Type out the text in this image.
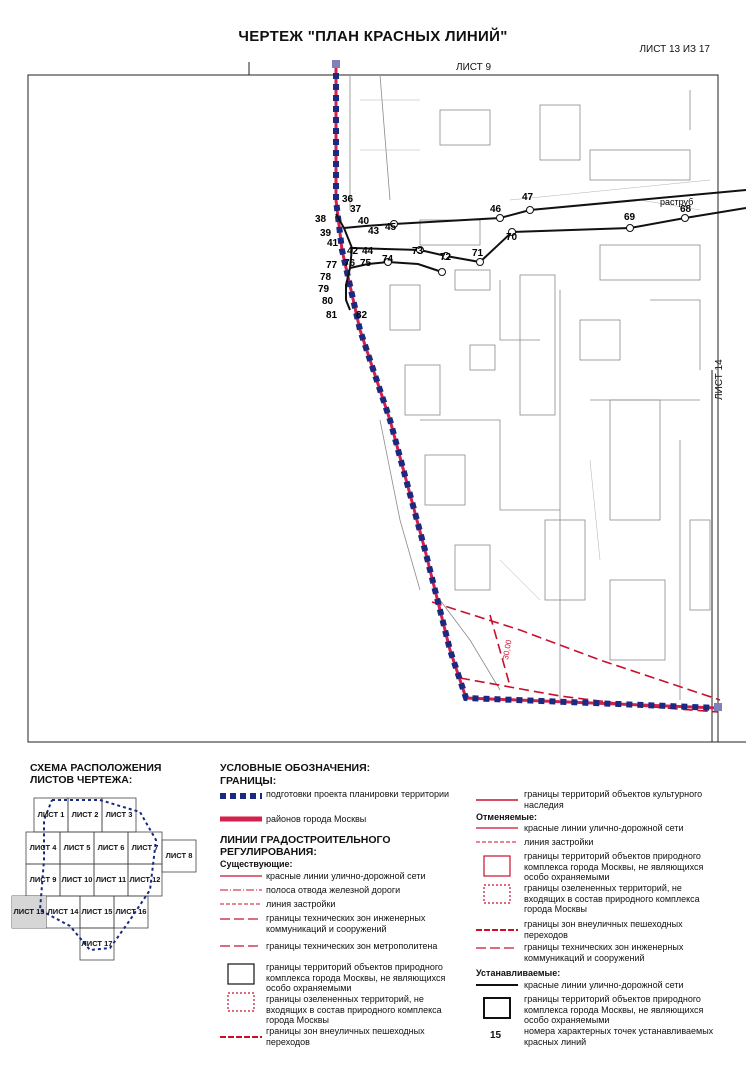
ЧЕРТЕЖ "ПЛАН КРАСНЫХ ЛИНИЙ"
ЛИСТ 13 ИЗ 17
ЛИСТ 9
ЛИСТ 14
36
37
38
39
40
41
42
43
44
45
46
47
68
69
70
71
72
73
74
75
76
77
78
79
80
81 82
раструб
30,00
СХЕМА РАСПОЛОЖЕНИЯ
ЛИСТОВ ЧЕРТЕЖА:
ЛИСТ 1 ЛИСТ 2 ЛИСТ 3
ЛИСТ 4 ЛИСТ 5 ЛИСТ 6 ЛИСТ 7
ЛИСТ 8
ЛИСТ 9 ЛИСТ 10 ЛИСТ 11 ЛИСТ 12
ЛИСТ 13 ЛИСТ 14 ЛИСТ 15 ЛИСТ 16
ЛИСТ 17
УСЛОВНЫЕ ОБОЗНАЧЕНИЯ:
ГРАНИЦЫ:
подготовки проекта планировки территории
районов города Москвы
ЛИНИИ ГРАДОСТРОИТЕЛЬНОГО
РЕГУЛИРОВАНИЯ:
Существующие:
красные линии улично-дорожной сети
полоса отвода железной дороги
линия застройки
границы технических зон инженерных коммуникаций и сооружений
границы технических зон метрополитена
границы территорий объектов природного комплекса города Москвы, не являющихся особо охраняемыми
границы озелененных территорий, не входящих в состав природного комплекса города Москвы
границы зон внеуличных пешеходных переходов
границы территорий объектов культурного наследия
Отменяемые:
красные линии улично-дорожной сети
линия застройки
границы территорий объектов природного комплекса города Москвы, не являющихся особо охраняемыми
границы озелененных территорий, не входящих в состав природного комплекса города Москвы
границы зон внеуличных пешеходных переходов
границы технических зон инженерных коммуникаций и сооружений
Устанавливаемые:
красные линии улично-дорожной сети
границы территорий объектов природного комплекса города Москвы, не являющихся особо охраняемыми
номера характерных точек устанавливаемых красных линий
15
